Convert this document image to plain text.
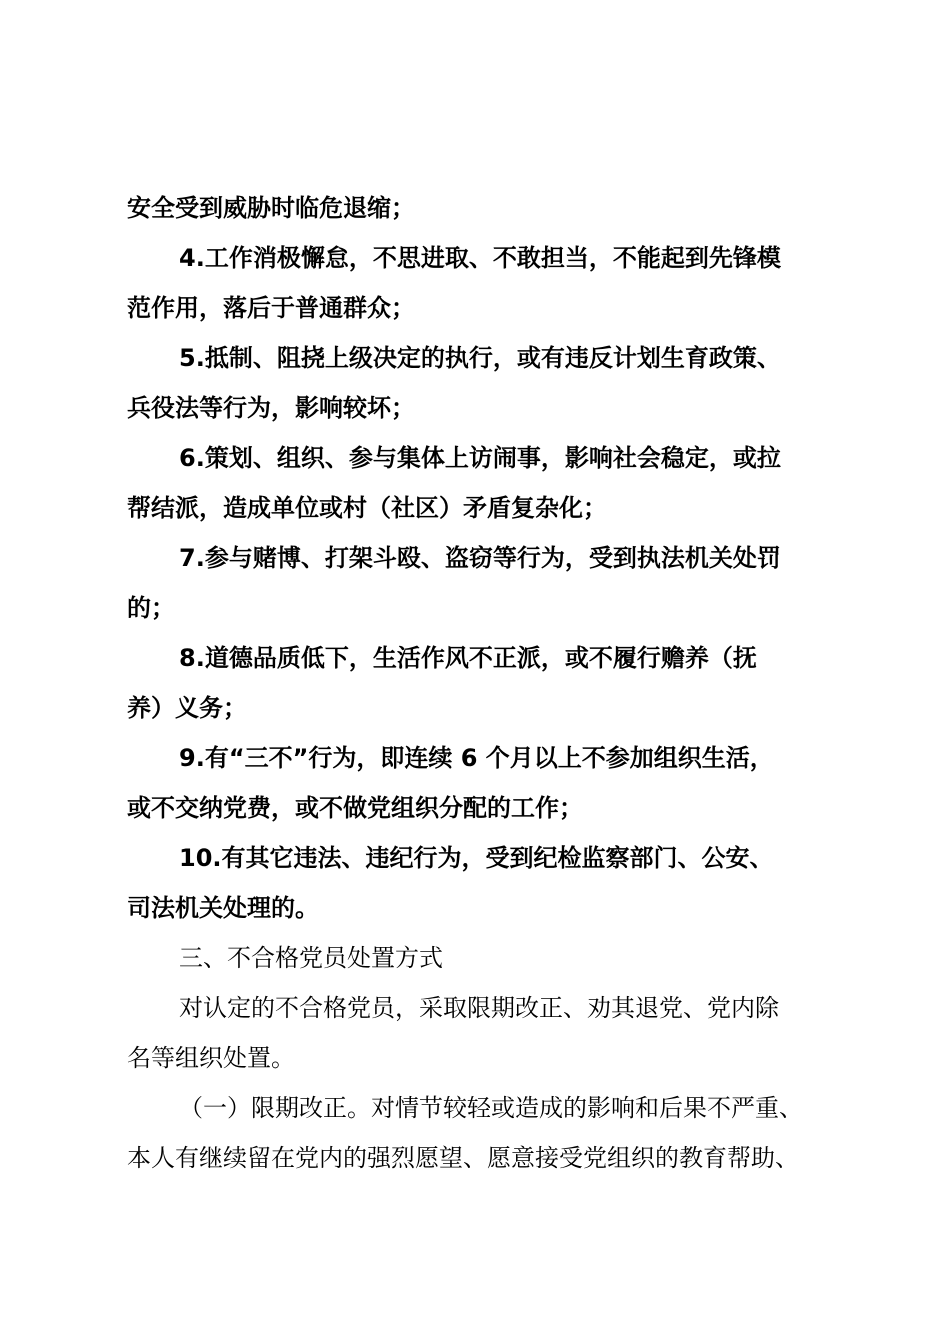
安全受到威胁时临危退缩；
4.工作消极懈怠，不思进取、不敢担当，不能起到先锋模
范作用，落后于普通群众；
5.抵制、阻挠上级决定的执行，或有违反计划生育政策、
兵役法等行为，影响较坏；
6.策划、组织、参与集体上访闹事，影响社会稳定，或拉
帮结派，造成单位或村（社区）矛盾复杂化；
7.参与赌博、打架斗殴、盗窃等行为，受到执法机关处罚
的；
8.道德品质低下，生活作风不正派，或不履行赡养（抚
养）义务；
9.有“三不”行为，即连续 6 个月以上不参加组织生活，
或不交纳党费，或不做党组织分配的工作；
10.有其它违法、违纪行为，受到纪检监察部门、公安、
司法机关处理的。
三、不合格党员处置方式
对认定的不合格党员，采取限期改正、劝其退党、党内除
名等组织处置。
（一）限期改正。对情节较轻或造成的影响和后果不严重、
本人有继续留在党内的强烈愿望、愿意接受党组织的教育帮助、
